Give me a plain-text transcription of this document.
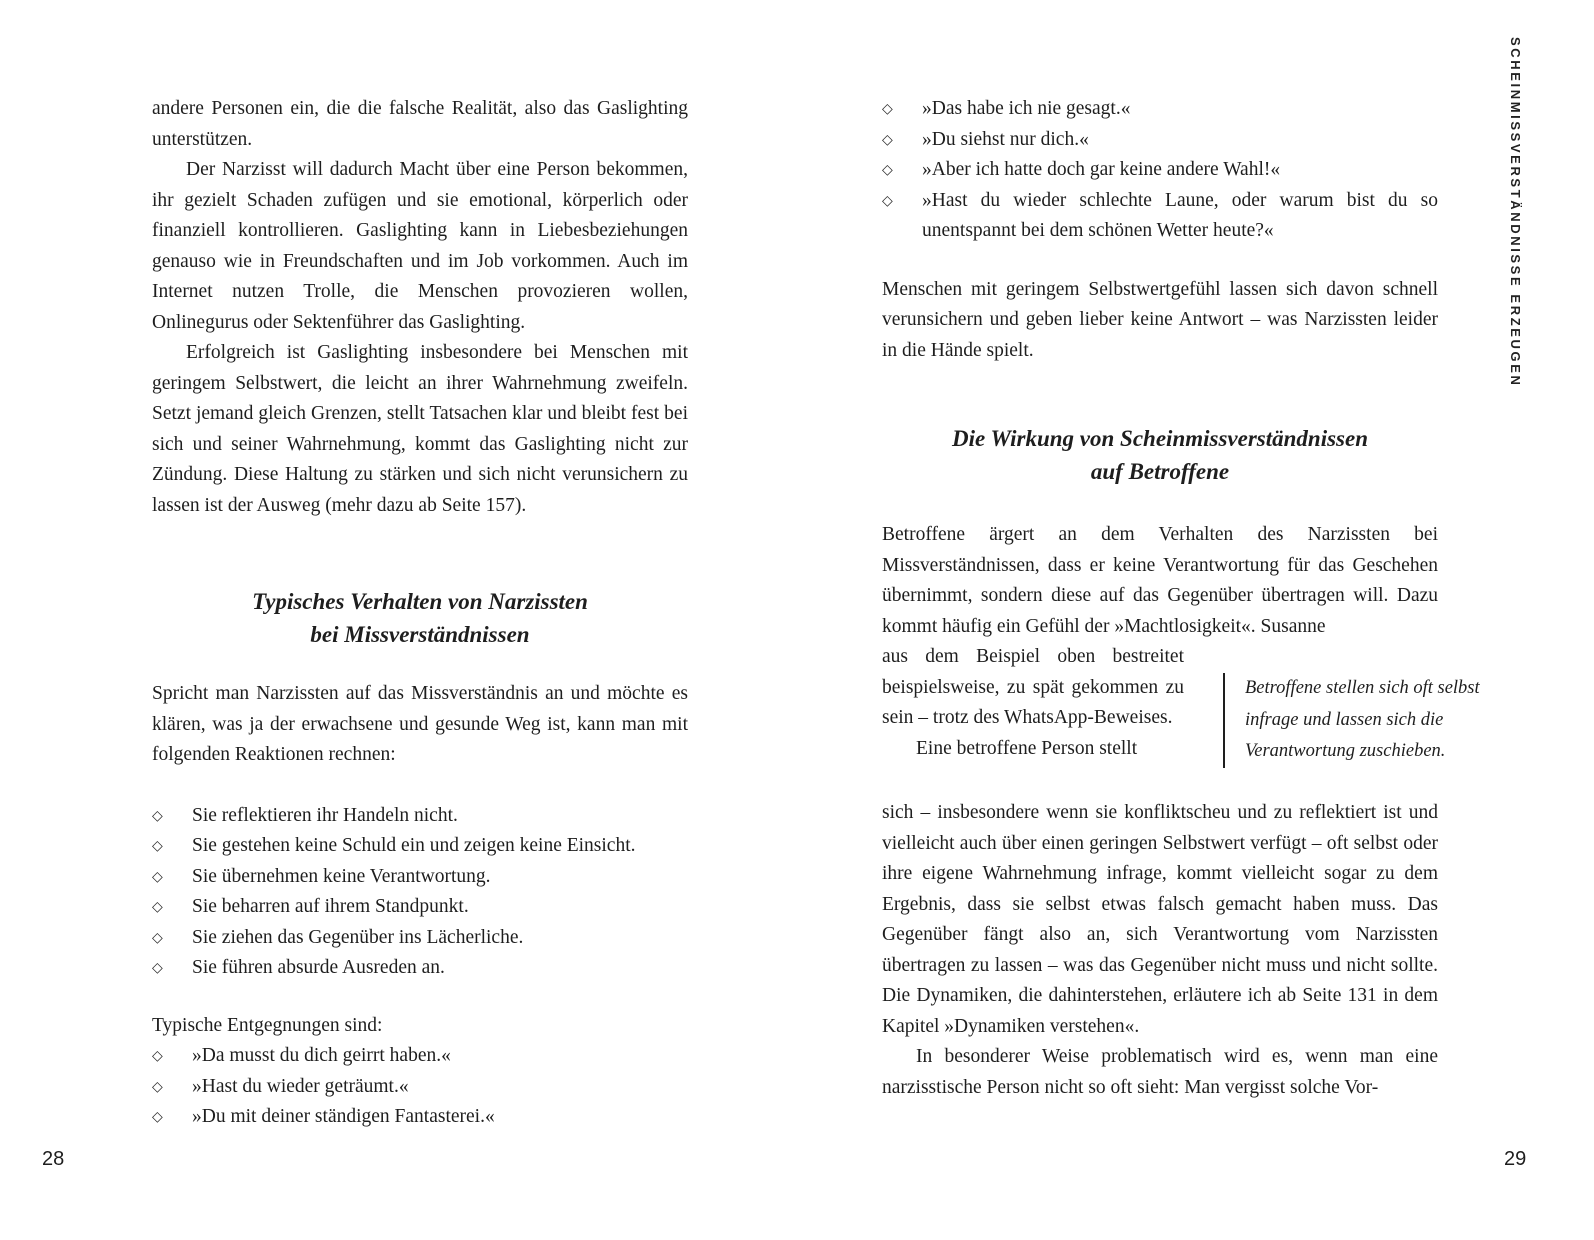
andere Personen ein, die die falsche Realität, also das Gaslighting unterstützen.

Der Narzisst will dadurch Macht über eine Person bekommen, ihr gezielt Schaden zufügen und sie emotional, körperlich oder finanziell kontrollieren. Gaslighting kann in Liebesbeziehungen genauso wie in Freundschaften und im Job vorkommen. Auch im Internet nutzen Trolle, die Menschen provozieren wollen, Onlinegurus oder Sektenführer das Gaslighting.

Erfolgreich ist Gaslighting insbesondere bei Menschen mit geringem Selbstwert, die leicht an ihrer Wahrnehmung zweifeln. Setzt jemand gleich Grenzen, stellt Tatsachen klar und bleibt fest bei sich und seiner Wahrnehmung, kommt das Gaslighting nicht zur Zündung. Diese Haltung zu stärken und sich nicht verunsichern zu lassen ist der Ausweg (mehr dazu ab Seite 157).

Typisches Verhalten von Narzissten
bei Missverständnissen

Spricht man Narzissten auf das Missverständnis an und möchte es klären, was ja der erwachsene und gesunde Weg ist, kann man mit folgenden Reaktionen rechnen:

◇	Sie reflektieren ihr Handeln nicht.
◇	Sie gestehen keine Schuld ein und zeigen keine Einsicht.
◇	Sie übernehmen keine Verantwortung.
◇	Sie beharren auf ihrem Standpunkt.
◇	Sie ziehen das Gegenüber ins Lächerliche.
◇	Sie führen absurde Ausreden an.

Typische Entgegnungen sind:

◇	»Da musst du dich geirrt haben.«
◇	»Hast du wieder geträumt.«
◇	»Du mit deiner ständigen Fantasterei.«
◇	»Das habe ich nie gesagt.«
◇	»Du siehst nur dich.«
◇	»Aber ich hatte doch gar keine andere Wahl!«
◇	»Hast du wieder schlechte Laune, oder warum bist du so unentspannt bei dem schönen Wetter heute?«

Menschen mit geringem Selbstwertgefühl lassen sich davon schnell verunsichern und geben lieber keine Antwort – was Narzissten leider in die Hände spielt.

Die Wirkung von Scheinmissverständnissen
auf Betroffene

Betroffene ärgert an dem Verhalten des Narzissten bei Missverständnissen, dass er keine Verantwortung für das Geschehen übernimmt, sondern diese auf das Gegenüber übertragen will. Dazu kommt häufig ein Gefühl der »Machtlosigkeit«. Susanne

aus dem Beispiel oben bestreitet beispielsweise, zu spät gekommen zu sein – trotz des WhatsApp-Beweises.

Eine betroffene Person stellt

Betroffene stellen sich oft selbst infrage und lassen sich die Verantwortung zuschieben.

sich – insbesondere wenn sie konfliktscheu und zu reflektiert ist und vielleicht auch über einen geringen Selbstwert verfügt – oft selbst oder ihre eigene Wahrnehmung infrage, kommt vielleicht sogar zu dem Ergebnis, dass sie selbst etwas falsch gemacht haben muss. Das Gegenüber fängt also an, sich Verantwortung vom Narzissten übertragen zu lassen – was das Gegenüber nicht muss und nicht sollte. Die Dynamiken, die dahinterstehen, erläutere ich ab Seite 131 in dem Kapitel »Dynamiken verstehen«.

In besonderer Weise problematisch wird es, wenn man eine narzisstische Person nicht so oft sieht: Man vergisst solche Vor-

SCHEINMISSVERSTÄNDNISSE ERZEUGEN
28	29
